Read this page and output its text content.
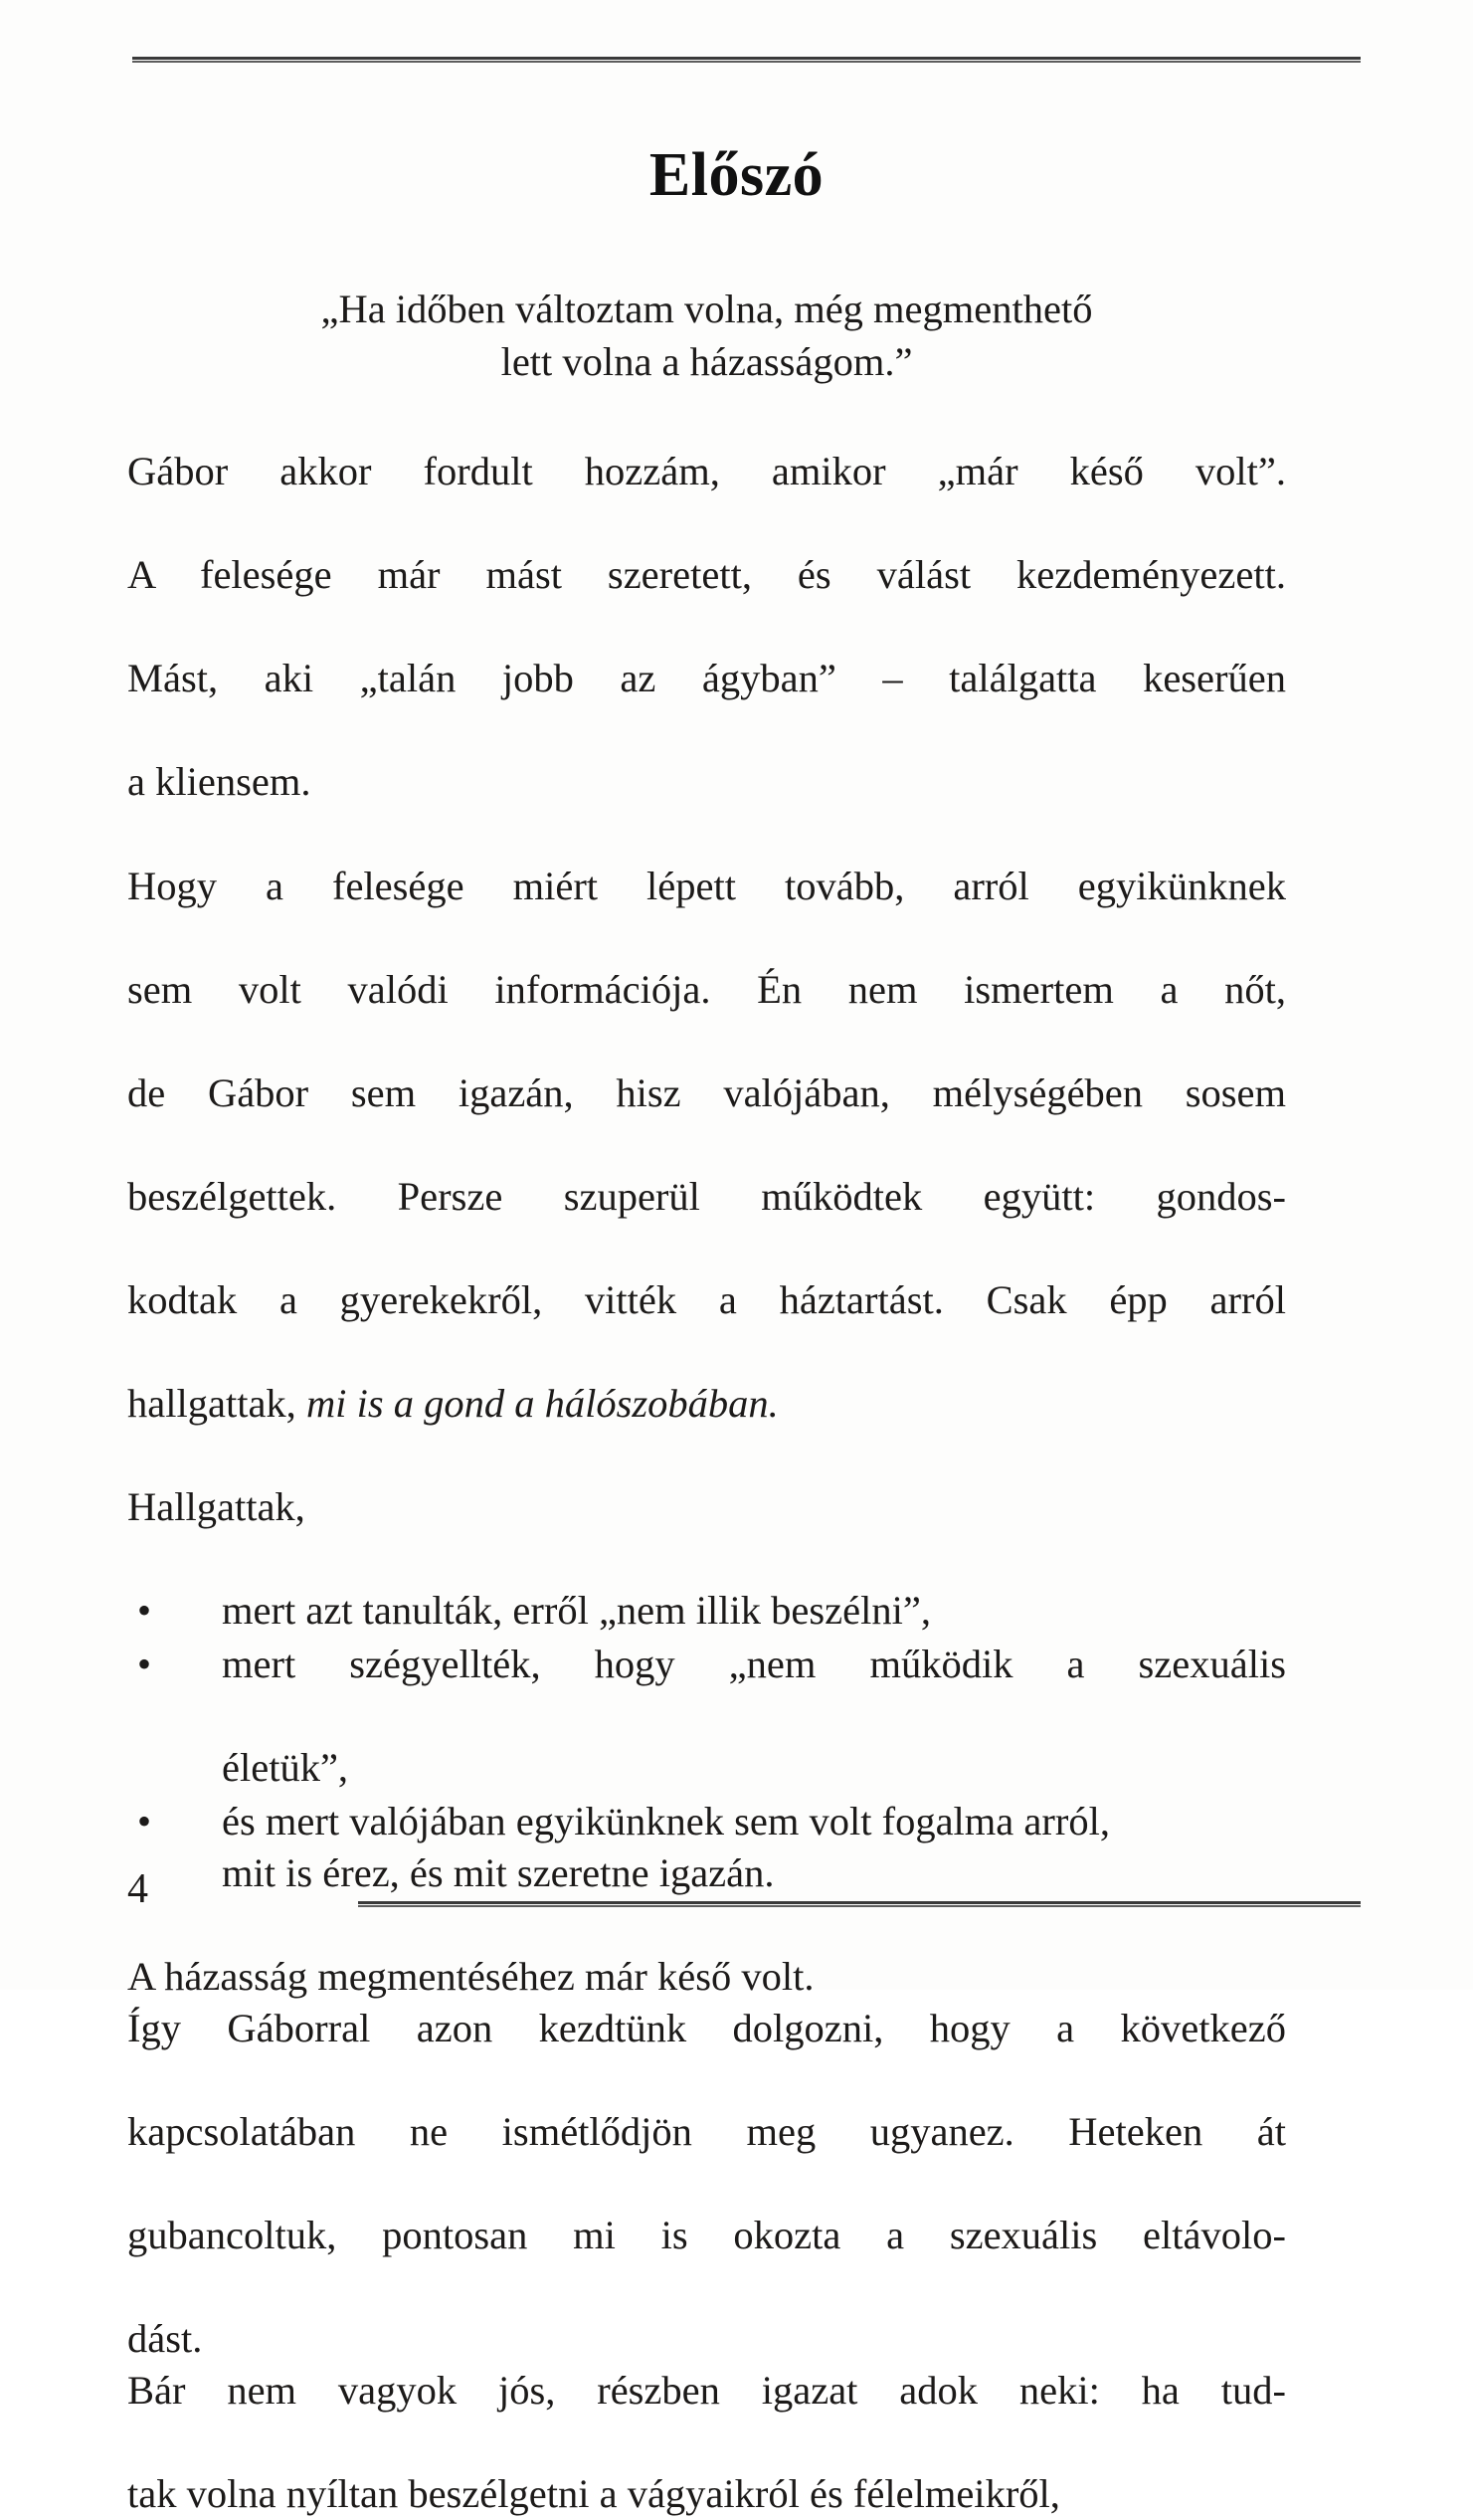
Előszó
„Ha időben változtam volna, még megmenthető
lett volna a házasságom.”

Gábor akkor fordult hozzám, amikor „már késő volt”.
A felesége már mást szeretett, és válást kezdeményezett.
Mást, aki „talán jobb az ágyban” – találgatta keserűen
a kliensem.

Hogy a felesége miért lépett tovább, arról egyikünknek
sem volt valódi információja. Én nem ismertem a nőt,
de Gábor sem igazán, hisz valójában, mélységében sosem
beszélgettek. Persze szuperül működtek együtt: gondos-
kodtak a gyerekekről, vitték a háztartást. Csak épp arról
hallgattak, mi is a gond a hálószobában.

Hallgattak,

• mert azt tanulták, erről „nem illik beszélni”,
• mert szégyellték, hogy „nem működik a szexuális
életük”,
• és mert valójában egyikünknek sem volt fogalma arról,
mit is érez, és mit szeretne igazán.

A házasság megmentéséhez már késő volt.
Így Gáborral azon kezdtünk dolgozni, hogy a következő
kapcsolatában ne ismétlődjön meg ugyanez. Heteken át
gubancoltuk, pontosan mi is okozta a szexuális eltávolo-
dást.
Bár nem vagyok jós, részben igazat adok neki: ha tud-
tak volna nyíltan beszélgetni a vágyaikról és félelmeikről,

4
